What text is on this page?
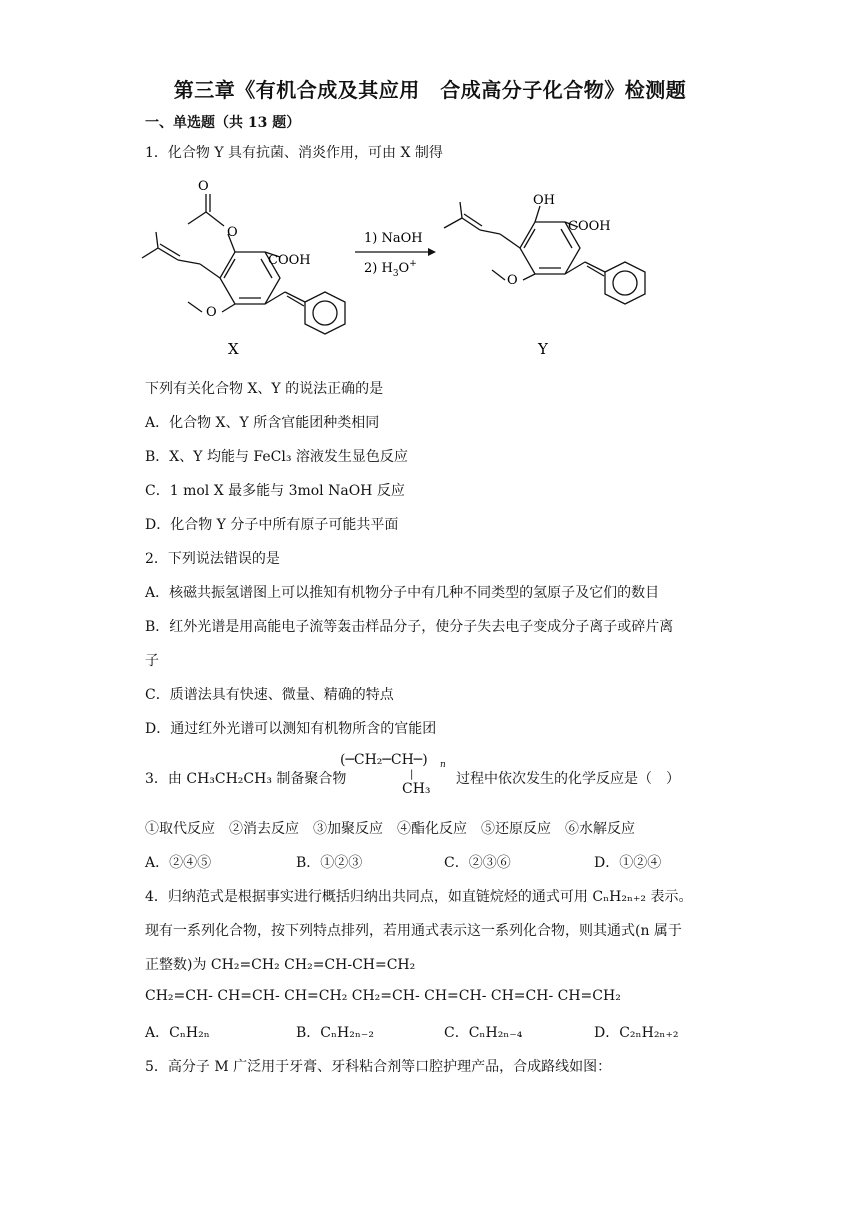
第三章《有机合成及其应用　合成高分子化合物》检测题
一、单选题（共 13 题）
1．化合物 Y 具有抗菌、消炎作用，可由 X 制得
O
O
COOH
O
X
1) NaOH
2) $H_3O^+$
OH
COOH
O
Y
下列有关化合物 X、Y 的说法正确的是
A．化合物 X、Y 所含官能团种类相同
B．X、Y 均能与 FeCl₃ 溶液发生显色反应
C．1 mol X 最多能与 3mol NaOH 反应
D．化合物 Y 分子中所有原子可能共平面
2．下列说法错误的是
A．核磁共振氢谱图上可以推知有机物分子中有几种不同类型的氢原子及它们的数目
B．红外光谱是用高能电子流等轰击样品分子，使分子失去电子变成分子离子或碎片离
子
C．质谱法具有快速、微量、精确的特点
D．通过红外光谱可以测知有机物所含的官能团
3．由 CH₃CH₂CH₃ 制备聚合物
(─CH₂─CH─) n
|
CH₃
过程中依次发生的化学反应是（　）
①取代反应　②消去反应　③加聚反应　④酯化反应　⑤还原反应　⑥水解反应
A．②④⑤	B．①②③	C．②③⑥	D．①②④
4．归纳范式是根据事实进行概括归纳出共同点，如直链烷烃的通式可用 CₙH₂ₙ₊₂ 表示。
现有一系列化合物，按下列特点排列，若用通式表示这一系列化合物，则其通式(n 属于
正整数)为 CH₂=CH₂ CH₂=CH-CH=CH₂
CH₂=CH- CH=CH- CH=CH₂ CH₂=CH- CH=CH- CH=CH- CH=CH₂
A．CₙH₂ₙ	B．CₙH₂ₙ₋₂	C．CₙH₂ₙ₋₄	D．C₂ₙH₂ₙ₊₂
5．高分子 M 广泛用于牙膏、牙科粘合剂等口腔护理产品，合成路线如图：
